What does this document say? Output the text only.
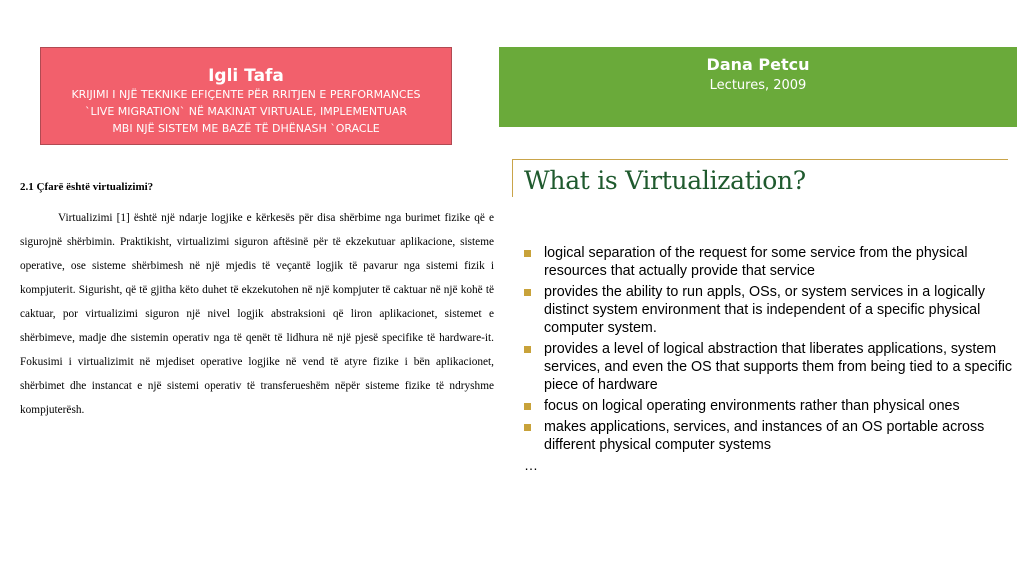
Igli Tafa
KRIJIMI I NJË TEKNIKE EFIÇENTE PËR RRITJEN E PERFORMANCES
`LIVE MIGRATION` NË MAKINAT VIRTUALE, IMPLEMENTUAR
MBI NJË SISTEM ME BAZË TË DHËNASH `ORACLE
Dana Petcu
Lectures, 2009
2.1 Çfarë është virtualizimi?
Virtualizimi [1] është një ndarje logjike e kërkesës për disa shërbime nga burimet fizike që e sigurojnë shërbimin. Praktikisht, virtualizimi siguron aftësinë për të ekzekutuar aplikacione, sisteme operative, ose sisteme shërbimesh në një mjedis të veçantë logjik të pavarur nga sistemi fizik i kompjuterit. Sigurisht, që të gjitha këto duhet të ekzekutohen në një kompjuter të caktuar në një kohë të caktuar, por virtualizimi siguron një nivel logjik abstraksioni që liron aplikacionet, sistemet e shërbimeve, madje dhe sistemin operativ nga të qenët të lidhura në një pjesë specifike të hardware-it. Fokusimi i virtualizimit në mjediset operative logjike në vend të atyre fizike i bën aplikacionet, shërbimet dhe instancat e një sistemi operativ të transferueshëm nëpër sisteme fizike të ndryshme kompjuterësh.
What is Virtualization?
logical separation of the request for some service from the physical resources that actually provide that service
provides the ability to run appls, OSs, or system services in a logically distinct system environment that is independent of a specific physical computer system.
provides a level of logical abstraction that liberates applications, system services, and even the OS that supports them from being tied to a specific piece of hardware
focus on logical operating environments rather than physical ones
makes applications, services, and instances of an OS portable across different physical computer systems
…
